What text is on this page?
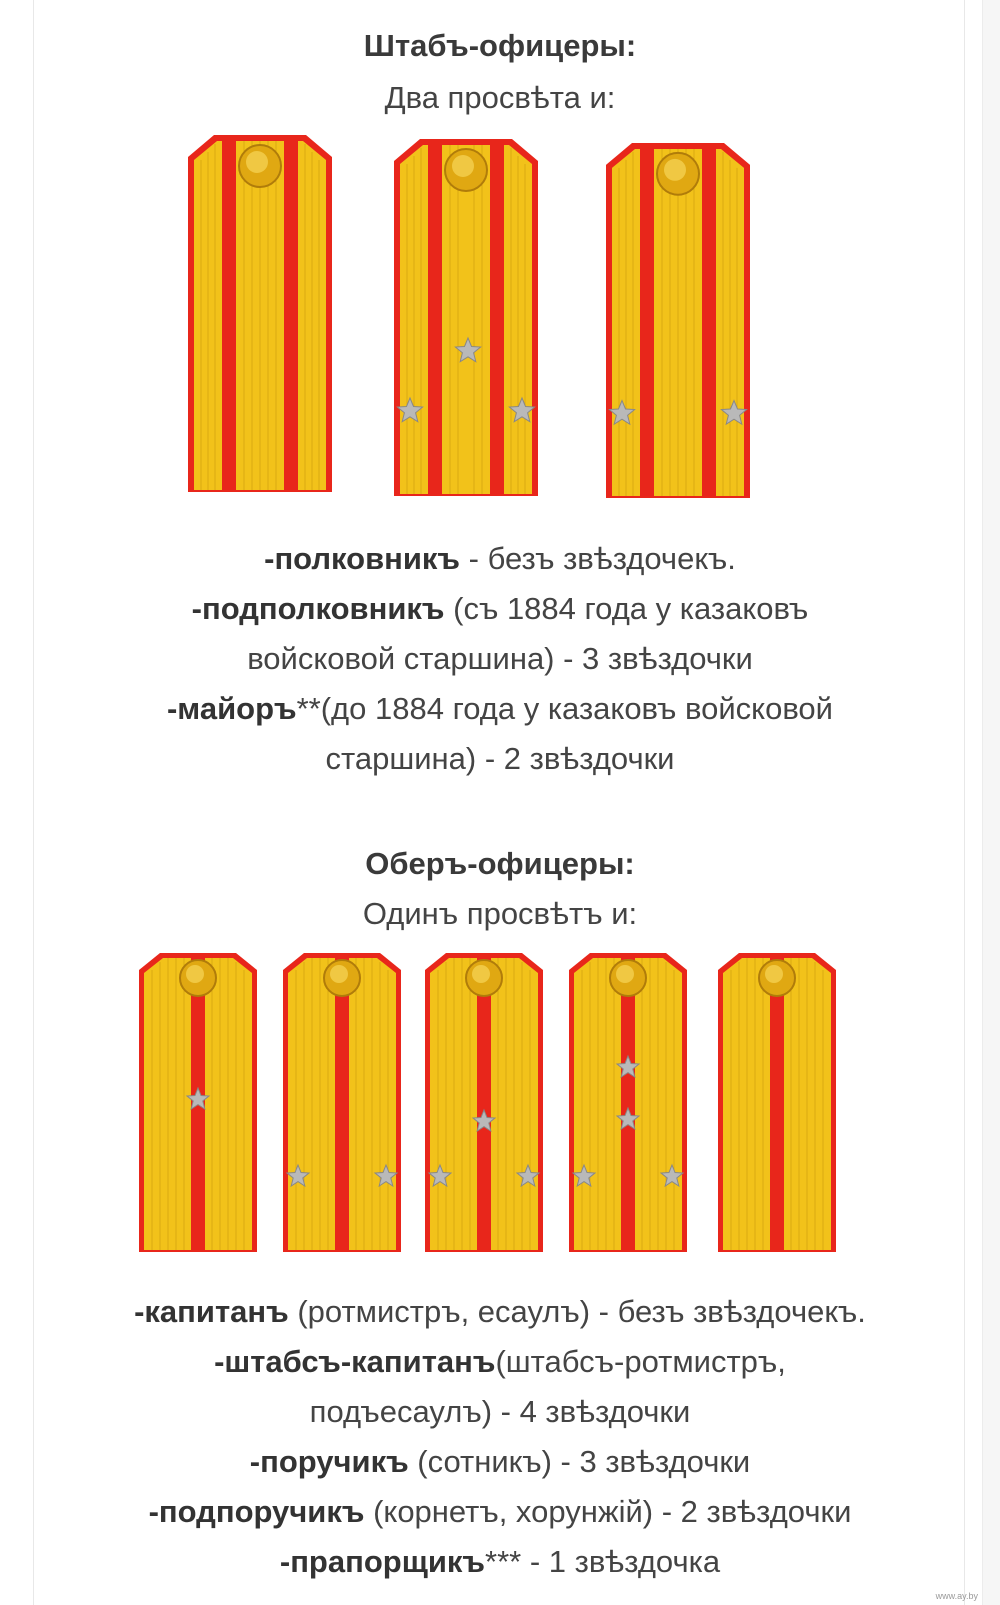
Штабъ-офицеры:
Два просвѣта и:

-полковникъ - безъ звѣздочекъ.

-подполковникъ (съ 1884 года у казаковъ войсковой старшина) - 3 звѣздочки

-майоръ**(до 1884 года у казаковъ войсковой старшина) - 2 звѣздочки

Оберъ-офицеры:
Одинъ просвѣтъ и:

-капитанъ (ротмистръ, есаулъ) - безъ звѣздочекъ.

-штабсъ-капитанъ(штабсъ-ротмистръ, подъесаулъ) - 4 звѣздочки

-поручикъ (сотникъ) - 3 звѣздочки

-подпоручикъ (корнетъ, хорунжій) - 2 звѣздочки

-прапорщикъ*** - 1 звѣздочка

www.ay.by
